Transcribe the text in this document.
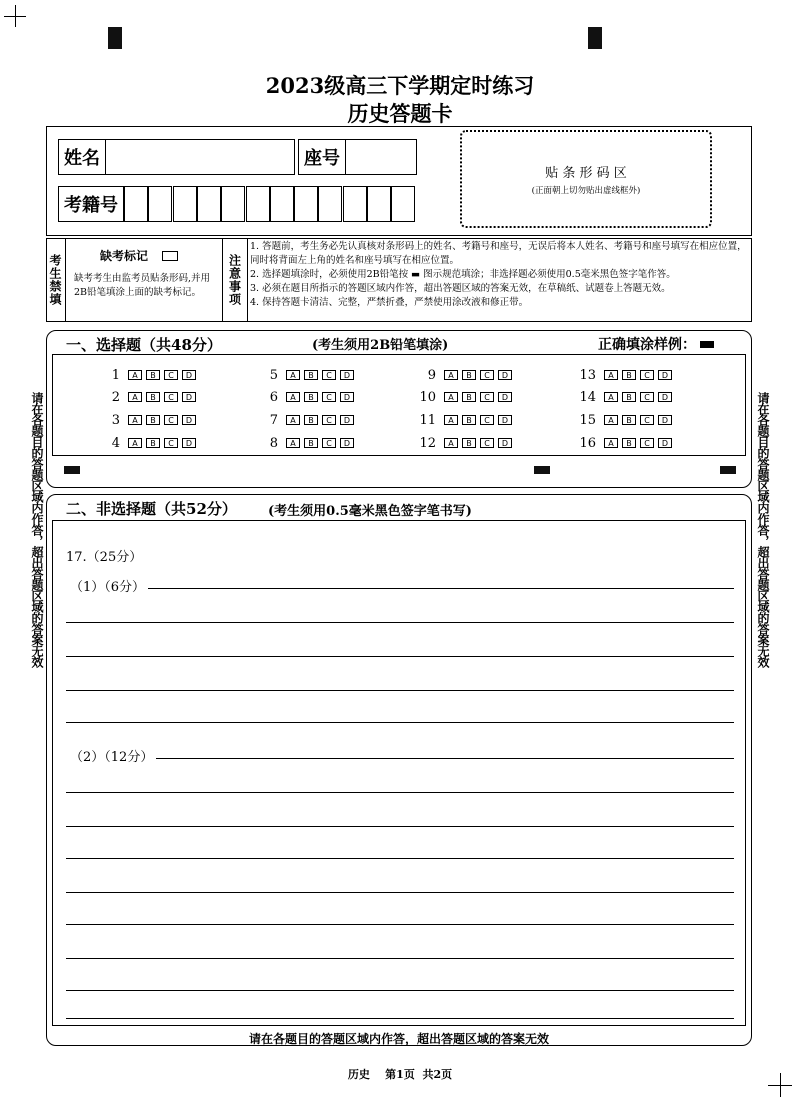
2023级高三下学期定时练习
历史答题卡
姓名	座号
考籍号
贴 条 形 码 区
(正面朝上切勿贴出虚线框外)
考生禁填	缺考标记
缺考考生由监考员贴条形码,并用2B铅笔填涂上面的缺考标记。	注意事项
1. 答题前，考生务必先认真核对条形码上的姓名、考籍号和座号，无误后将本人姓名、考籍号和座号填写在相应位置，同时将背面左上角的姓名和座号填写在相应位置。
2. 选择题填涂时，必须使用2B铅笔按 ▬ 图示规范填涂；非选择题必须使用0.5毫米黑色签字笔作答。
3. 必须在题目所指示的答题区域内作答，超出答题区域的答案无效，在草稿纸、试题卷上答题无效。
4. 保持答题卡清洁、完整，严禁折叠，严禁使用涂改液和修正带。
一、选择题（共48分）	(考生须用2B铅笔填涂)	正确填涂样例：
1	A	B	C	D
2	A	B	C	D
3	A	B	C	D
4	A	B	C	D
5	A	B	C	D
6	A	B	C	D
7	A	B	C	D
8	A	B	C	D
9	A	B	C	D
10	A	B	C	D
11	A	B	C	D
12	A	B	C	D
13	A	B	C	D
14	A	B	C	D
15	A	B	C	D
16	A	B	C	D
二、非选择题（共52分） (考生须用0.5毫米黑色签字笔书写)
17.（25分）
（1）（6分）
（2）（12分）
请在各题目的答题区域内作答，超出答题区域的答案无效
请在各题目的答题区域内作答，超出答题区域的答案无效	请在各题目的答题区域内作答，超出答题区域的答案无效
历史 第1页 共2页
